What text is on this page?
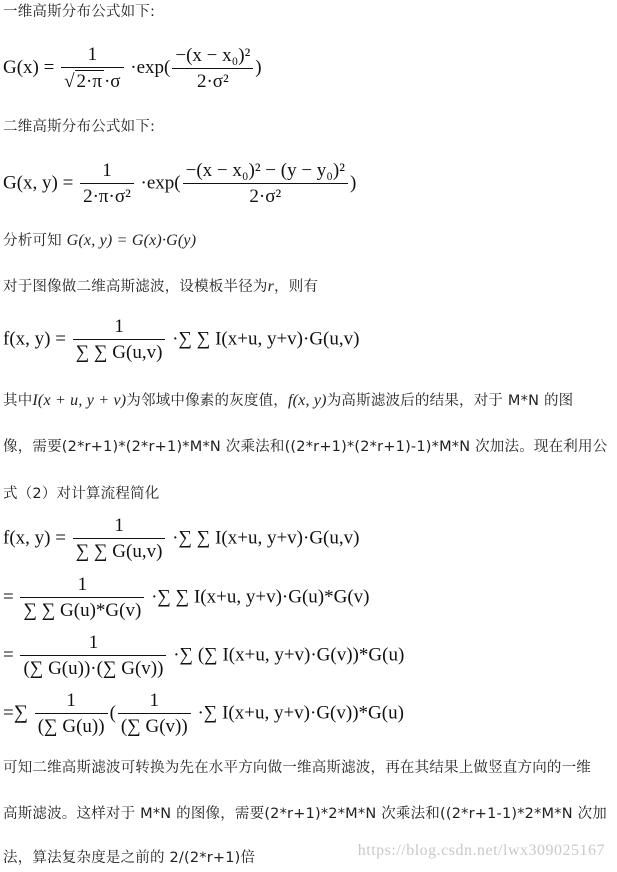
一维高斯分布公式如下:
$G(x) = \frac{1}{√ 2\cdot\pi \cdot\sigma} \cdot\exp( \frac{\text{−(x − x₀)²}}{\text{2·σ²}}$ )
二维高斯分布公式如下:
G(x, $y) = \frac{1}{\text{2·π·σ²}} \cdot\exp( \frac{\text{−(x − x₀)² − (y − y₀)²}}{\text{2·σ²}}$ )
分析可知 G(x, y) = G(x)·G(y)
对于图像做二维高斯滤波，设模板半径为r，则有
f(x, $y) = \frac{1}{\sum \sum G(u,v)}$ ·∑ ∑ I(x+u, y+v)·G(u,v)
其中I(x + u, y + v)为邻域中像素的灰度值，f(x, y)为高斯滤波后的结果，对于 M*N 的图
像，需要(2*r+1)*(2*r+1)*M*N 次乘法和((2*r+1)*(2*r+1)-1)*M*N 次加法。现在利用公
式（2）对计算流程简化
f(x, $y) = \frac{1}{\sum \sum G(u,v)}$ ·∑ ∑ I(x+u, y+v)·G(u,v)
= $\frac{1}{\sum \sum G(u)*G(v)}$ ·∑ ∑ I(x+u, y+v)·G(u)*G(v)
= $\frac{1}{(\sum G(u))\cdot(\sum G(v))}$ ·∑ (∑ I(x+u, y+v)·G(v))*G(u)
=∑ $\frac{1}{(\sum G(u))}$ ( $\frac{1}{(\sum G(v))}$ ·∑ I(x+u, y+v)·G(v))*G(u)
可知二维高斯滤波可转换为先在水平方向做一维高斯滤波，再在其结果上做竖直方向的一维
高斯滤波。这样对于 M*N 的图像，需要(2*r+1)*2*M*N 次乘法和((2*r+1-1)*2*M*N 次加
法，算法复杂度是之前的 2/(2*r+1)倍	https://blog.csdn.net/lwx309025167
